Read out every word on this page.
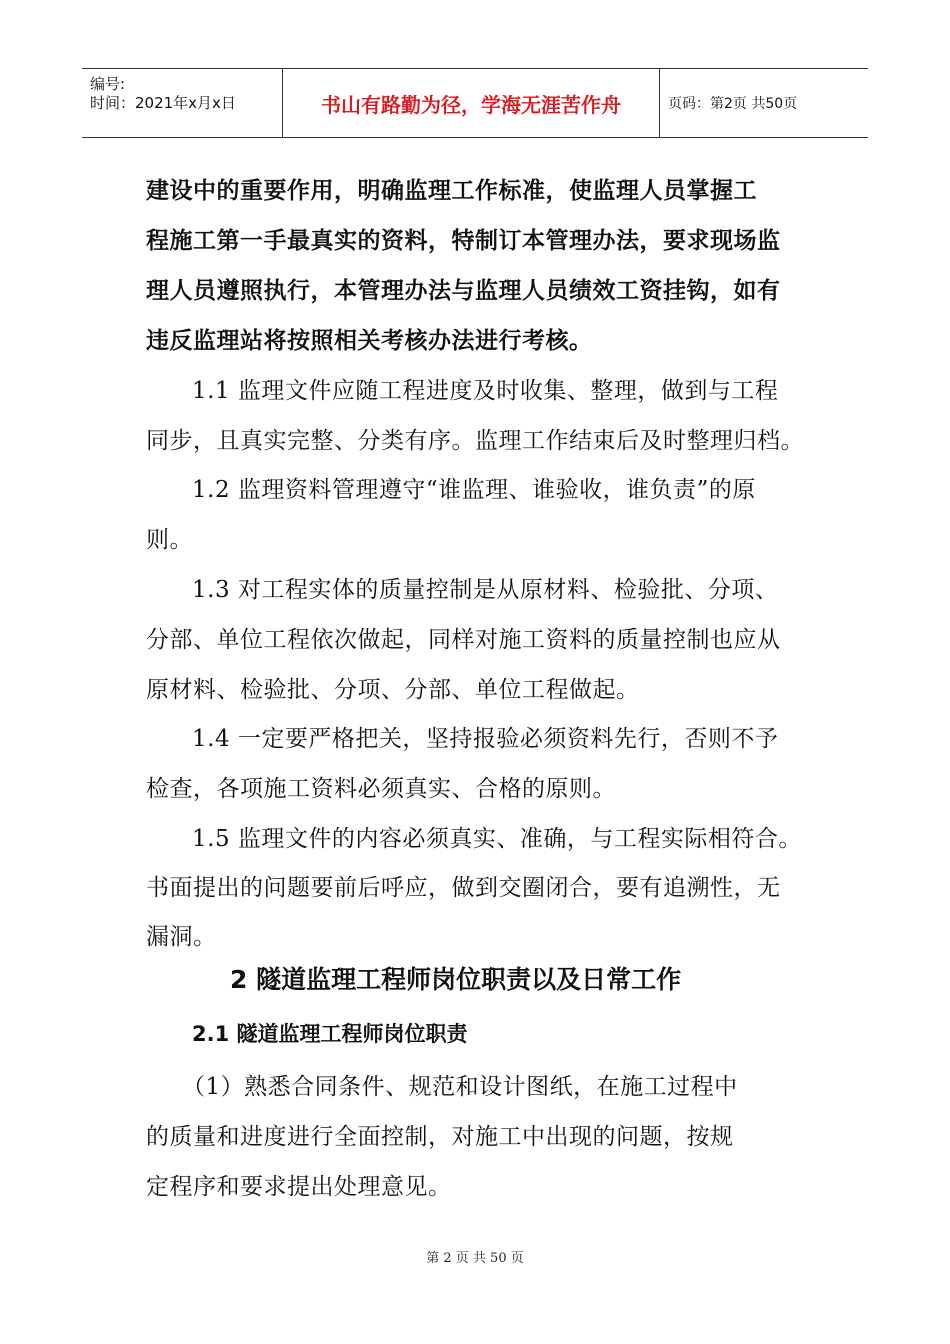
编号:
时间：2021年x月x日	书山有路勤为径，学海无涯苦作舟	页码：第2页 共50页
建设中的重要作用，明确监理工作标准，使监理人员掌握工
程施工第一手最真实的资料，特制订本管理办法，要求现场监
理人员遵照执行，本管理办法与监理人员绩效工资挂钩，如有
违反监理站将按照相关考核办法进行考核。
1.1 监理文件应随工程进度及时收集、整理，做到与工程
同步，且真实完整、分类有序。监理工作结束后及时整理归档。
1.2 监理资料管理遵守“谁监理、谁验收，谁负责”的原
则。
1.3 对工程实体的质量控制是从原材料、检验批、分项、
分部、单位工程依次做起，同样对施工资料的质量控制也应从
原材料、检验批、分项、分部、单位工程做起。
1.4 一定要严格把关，坚持报验必须资料先行，否则不予
检查，各项施工资料必须真实、合格的原则。
1.5 监理文件的内容必须真实、准确，与工程实际相符合。
书面提出的问题要前后呼应，做到交圈闭合，要有追溯性，无
漏洞。
2 隧道监理工程师岗位职责以及日常工作
2.1 隧道监理工程师岗位职责
（1）熟悉合同条件、规范和设计图纸，在施工过程中
的质量和进度进行全面控制，对施工中出现的问题，按规
定程序和要求提出处理意见。
第 2 页 共 50 页
